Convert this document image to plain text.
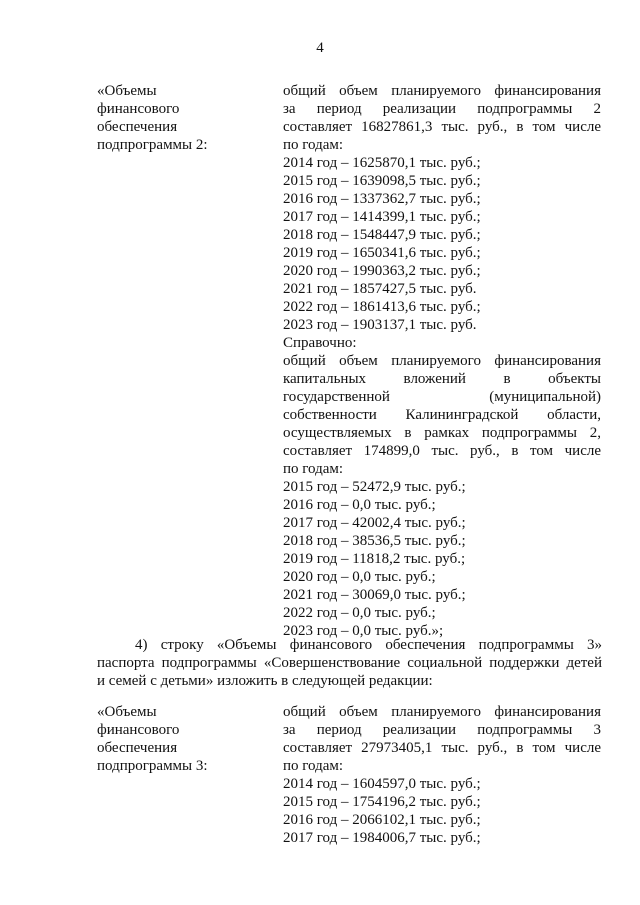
4
«Объемы
финансового
обеспечения
подпрограммы 2:
общий объем планируемого финансирования
за период реализации подпрограммы 2
составляет 16827861,3 тыс. руб., в том числе
по годам:
2014 год – 1625870,1 тыс. руб.;
2015 год – 1639098,5 тыс. руб.;
2016 год – 1337362,7 тыс. руб.;
2017 год – 1414399,1 тыс. руб.;
2018 год – 1548447,9 тыс. руб.;
2019 год – 1650341,6 тыс. руб.;
2020 год – 1990363,2 тыс. руб.;
2021 год – 1857427,5 тыс. руб.
2022 год – 1861413,6 тыс. руб.;
2023 год – 1903137,1 тыс. руб.
Справочно:
общий объем планируемого финансирования
капитальных вложений в объекты
государственной (муниципальной)
собственности Калининградской области,
осуществляемых в рамках подпрограммы 2,
составляет 174899,0 тыс. руб., в том числе
по годам:
2015 год – 52472,9 тыс. руб.;
2016 год – 0,0 тыс. руб.;
2017 год – 42002,4 тыс. руб.;
2018 год – 38536,5 тыс. руб.;
2019 год – 11818,2 тыс. руб.;
2020 год – 0,0 тыс. руб.;
2021 год – 30069,0 тыс. руб.;
2022 год – 0,0 тыс. руб.;
2023 год – 0,0 тыс. руб.»;
4) строку «Объемы финансового обеспечения подпрограммы 3»
паспорта подпрограммы «Совершенствование социальной поддержки детей
и семей с детьми» изложить в следующей редакции:
«Объемы
финансового
обеспечения
подпрограммы 3:
общий объем планируемого финансирования
за период реализации подпрограммы 3
составляет 27973405,1 тыс. руб., в том числе
по годам:
2014 год – 1604597,0 тыс. руб.;
2015 год – 1754196,2 тыс. руб.;
2016 год – 2066102,1 тыс. руб.;
2017 год – 1984006,7 тыс. руб.;
